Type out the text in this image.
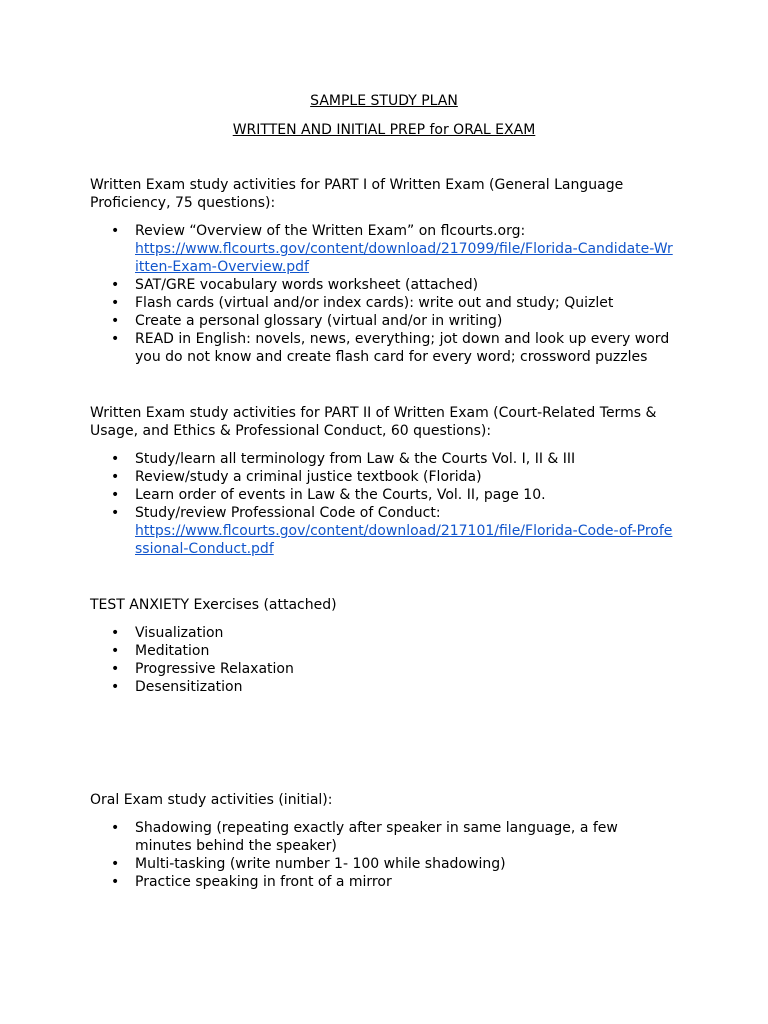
SAMPLE STUDY PLAN
WRITTEN AND INITIAL PREP for ORAL EXAM

Written Exam study activities for PART I of Written Exam (General Language Proficiency, 75 questions):

• Review “Overview of the Written Exam” on flcourts.org:
https://www.flcourts.gov/content/download/217099/file/Florida-Candidate-Written-Exam-Overview.pdf
• SAT/GRE vocabulary words worksheet (attached)
• Flash cards (virtual and/or index cards): write out and study; Quizlet
• Create a personal glossary (virtual and/or in writing)
• READ in English: novels, news, everything; jot down and look up every word you do not know and create flash card for every word; crossword puzzles

Written Exam study activities for PART II of Written Exam (Court-Related Terms & Usage, and Ethics & Professional Conduct, 60 questions):

• Study/learn all terminology from Law & the Courts Vol. I, II & III
• Review/study a criminal justice textbook (Florida)
• Learn order of events in Law & the Courts, Vol. II, page 10.
• Study/review Professional Code of Conduct:
https://www.flcourts.gov/content/download/217101/file/Florida-Code-of-Professional-Conduct.pdf

TEST ANXIETY Exercises (attached)

• Visualization
• Meditation
• Progressive Relaxation
• Desensitization

Oral Exam study activities (initial):

• Shadowing (repeating exactly after speaker in same language, a few minutes behind the speaker)
• Multi-tasking (write number 1- 100 while shadowing)
• Practice speaking in front of a mirror
